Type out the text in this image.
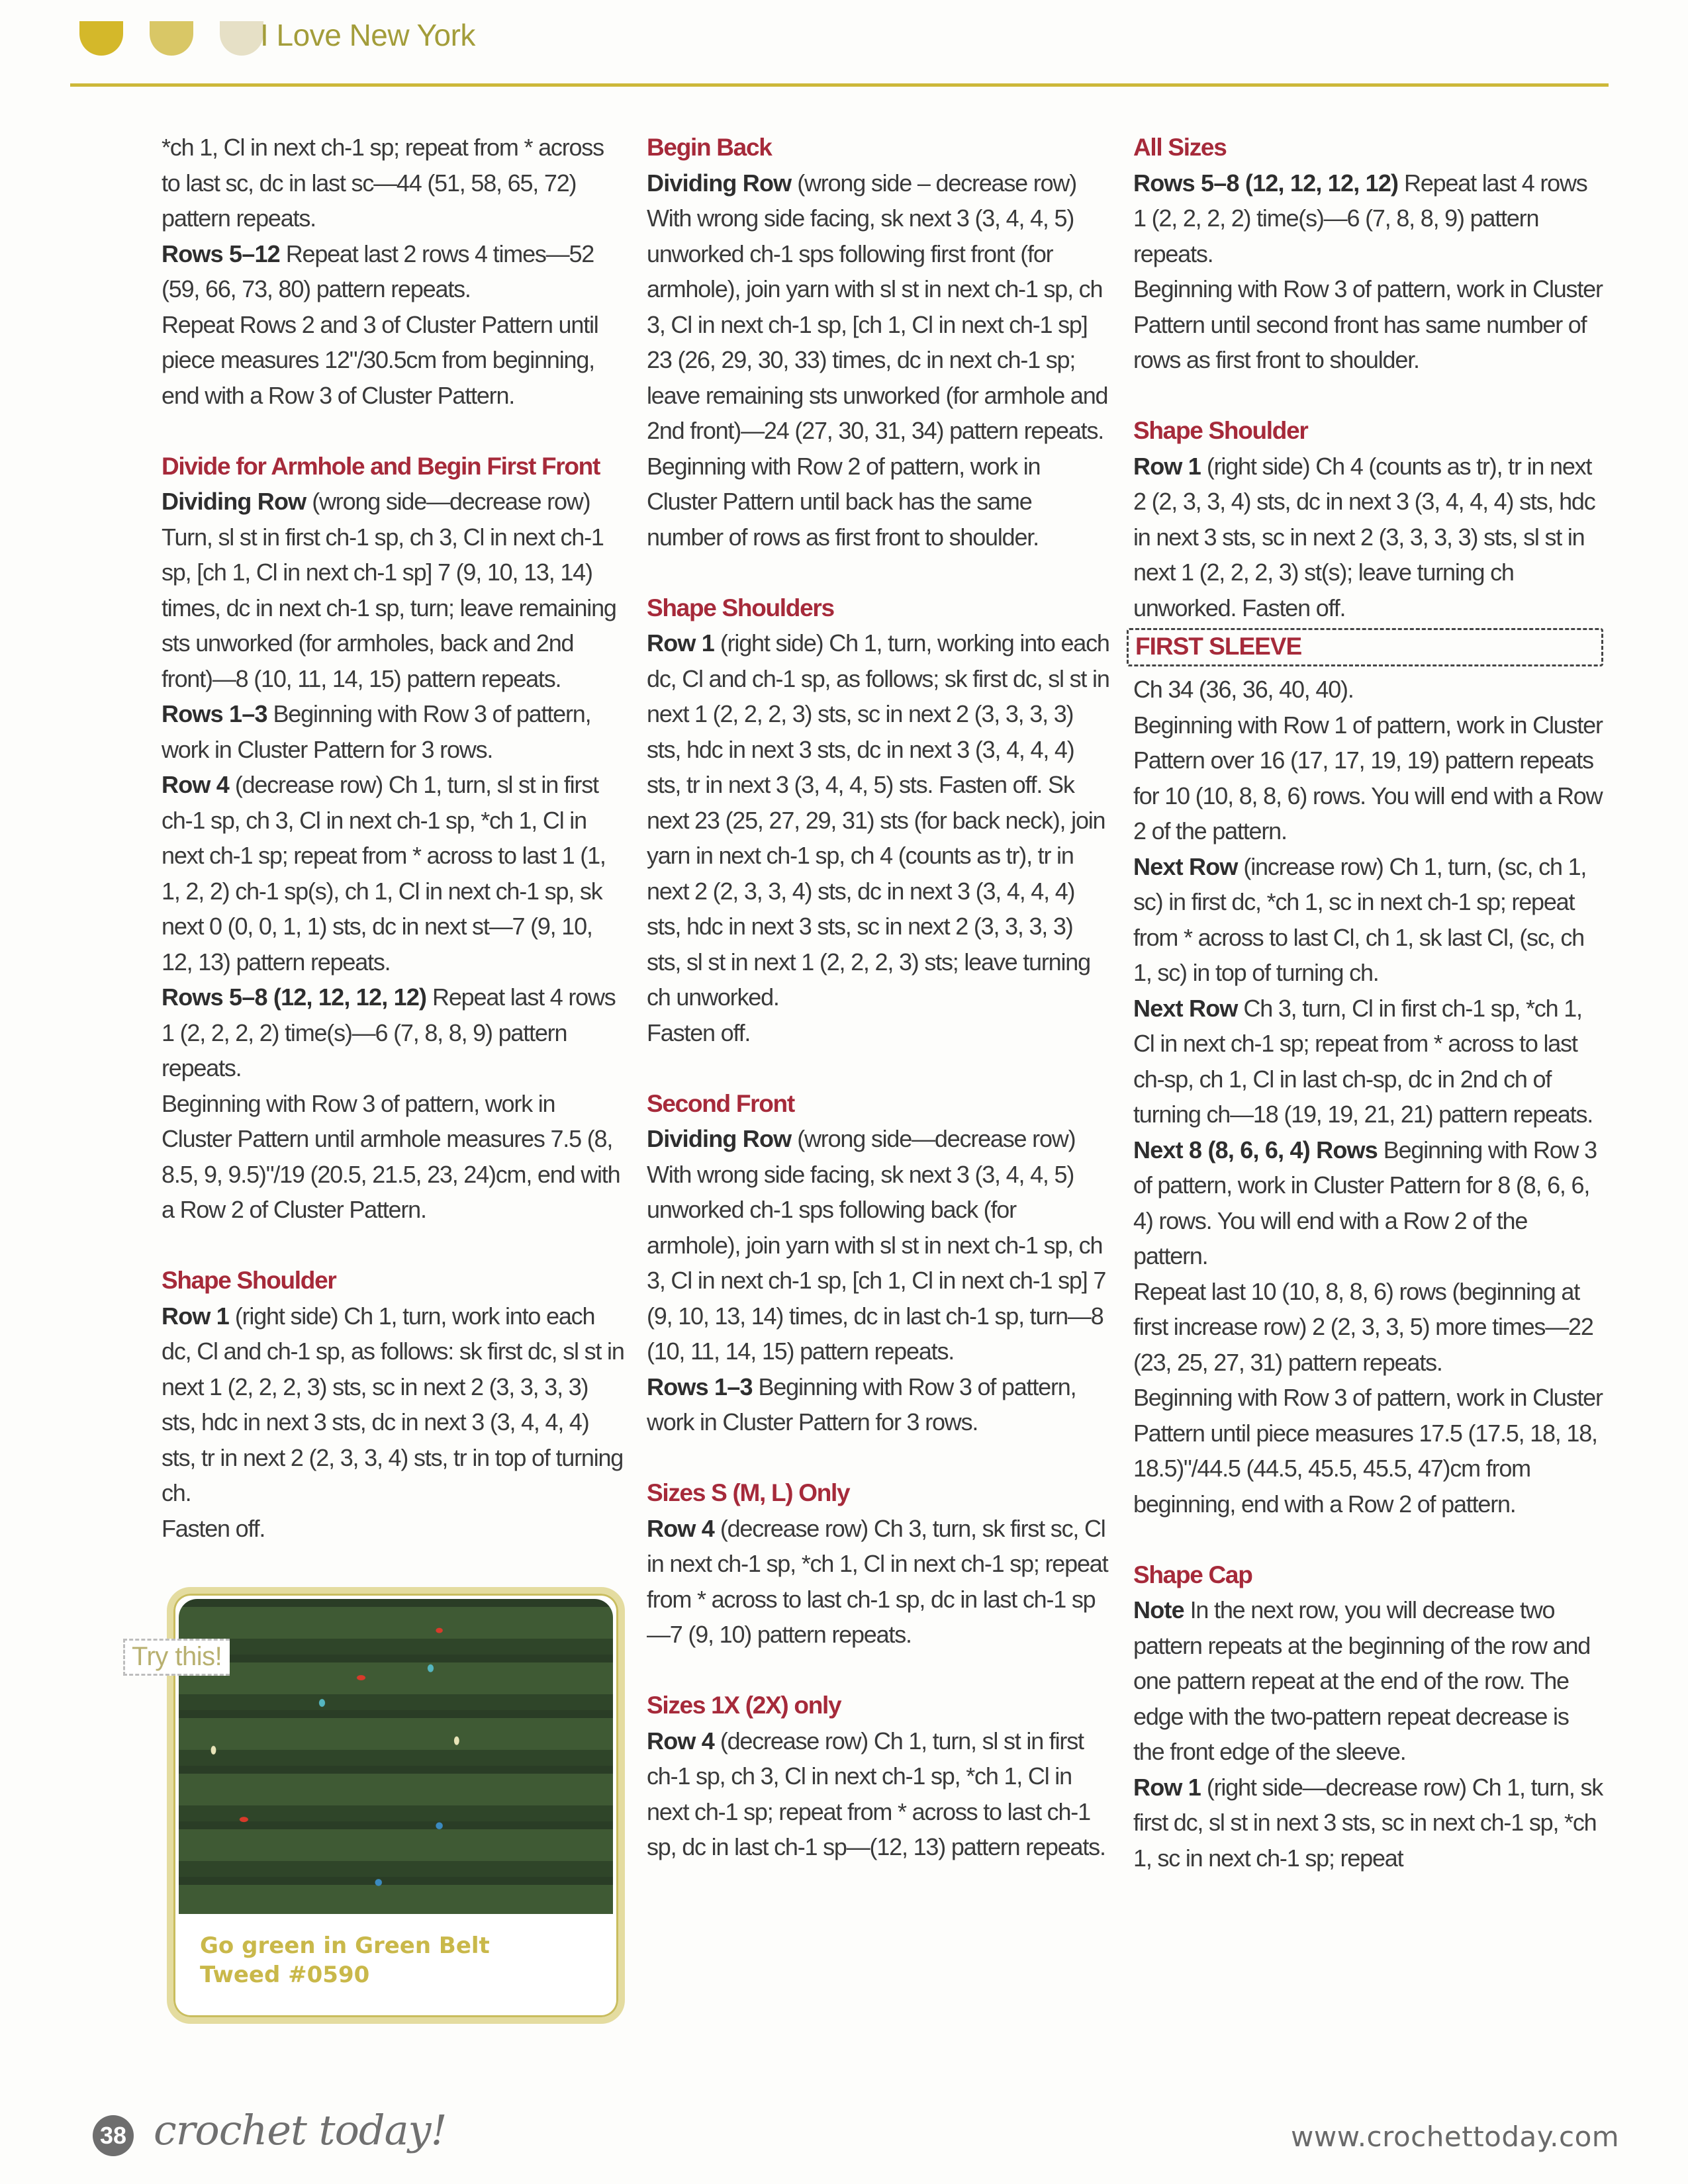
I Love New York

*ch 1, Cl in next ch-1 sp; repeat from * across to last sc, dc in last sc—44 (51, 58, 65, 72) pattern repeats.

Rows 5–12 Repeat last 2 rows 4 times—52 (59, 66, 73, 80) pattern repeats.

Repeat Rows 2 and 3 of Cluster Pattern until piece measures 12"/30.5cm from beginning, end with a Row 3 of Cluster Pattern.

Divide for Armhole and Begin First Front

Dividing Row (wrong side—decrease row) Turn, sl st in first ch-1 sp, ch 3, Cl in next ch-1 sp, [ch 1, Cl in next ch-1 sp] 7 (9, 10, 13, 14) times, dc in next ch-1 sp, turn; leave remaining sts unworked (for armholes, back and 2nd front)—8 (10, 11, 14, 15) pattern repeats.

Rows 1–3 Beginning with Row 3 of pattern, work in Cluster Pattern for 3 rows.

Row 4 (decrease row) Ch 1, turn, sl st in first ch-1 sp, ch 3, Cl in next ch-1 sp, *ch 1, Cl in next ch-1 sp; repeat from * across to last 1 (1, 1, 2, 2) ch-1 sp(s), ch 1, Cl in next ch-1 sp, sk next 0 (0, 0, 1, 1) sts, dc in next st—7 (9, 10, 12, 13) pattern repeats.

Rows 5–8 (12, 12, 12, 12) Repeat last 4 rows 1 (2, 2, 2, 2) time(s)—6 (7, 8, 8, 9) pattern repeats.

Beginning with Row 3 of pattern, work in Cluster Pattern until armhole measures 7.5 (8, 8.5, 9, 9.5)"/19 (20.5, 21.5, 23, 24)cm, end with a Row 2 of Cluster Pattern.

Shape Shoulder

Row 1 (right side) Ch 1, turn, work into each dc, Cl and ch-1 sp, as follows: sk first dc, sl st in next 1 (2, 2, 2, 3) sts, sc in next 2 (3, 3, 3, 3) sts, hdc in next 3 sts, dc in next 3 (3, 4, 4, 4) sts, tr in next 2 (2, 3, 3, 4) sts, tr in top of turning ch.

Fasten off.

Go green in Green Belt
Tweed #0590
Try this!
Begin Back

Dividing Row (wrong side – decrease row) With wrong side facing, sk next 3 (3, 4, 4, 5) unworked ch-1 sps following first front (for armhole), join yarn with sl st in next ch-1 sp, ch 3, Cl in next ch-1 sp, [ch 1, Cl in next ch-1 sp] 23 (26, 29, 30, 33) times, dc in next ch-1 sp; leave remaining sts unworked (for armhole and 2nd front)—24 (27, 30, 31, 34) pattern repeats.

Beginning with Row 2 of pattern, work in Cluster Pattern until back has the same number of rows as first front to shoulder.

Shape Shoulders

Row 1 (right side) Ch 1, turn, working into each dc, Cl and ch-1 sp, as follows; sk first dc, sl st in next 1 (2, 2, 2, 3) sts, sc in next 2 (3, 3, 3, 3) sts, hdc in next 3 sts, dc in next 3 (3, 4, 4, 4) sts, tr in next 3 (3, 4, 4, 5) sts. Fasten off. Sk next 23 (25, 27, 29, 31) sts (for back neck), join yarn in next ch-1 sp, ch 4 (counts as tr), tr in next 2 (2, 3, 3, 4) sts, dc in next 3 (3, 4, 4, 4) sts, hdc in next 3 sts, sc in next 2 (3, 3, 3, 3) sts, sl st in next 1 (2, 2, 2, 3) sts; leave turning ch unworked.

Fasten off.

Second Front

Dividing Row (wrong side—decrease row) With wrong side facing, sk next 3 (3, 4, 4, 5) unworked ch-1 sps following back (for armhole), join yarn with sl st in next ch-1 sp, ch 3, Cl in next ch-1 sp, [ch 1, Cl in next ch-1 sp] 7 (9, 10, 13, 14) times, dc in last ch-1 sp, turn—8 (10, 11, 14, 15) pattern repeats.

Rows 1–3 Beginning with Row 3 of pattern, work in Cluster Pattern for 3 rows.

Sizes S (M, L) Only

Row 4 (decrease row) Ch 3, turn, sk first sc, Cl in next ch-1 sp, *ch 1, Cl in next ch-1 sp; repeat from * across to last ch-1 sp, dc in last ch-1 sp—7 (9, 10) pattern repeats.

Sizes 1X (2X) only

Row 4 (decrease row) Ch 1, turn, sl st in first ch-1 sp, ch 3, Cl in next ch-1 sp, *ch 1, Cl in next ch-1 sp; repeat from * across to last ch-1 sp, dc in last ch-1 sp—(12, 13) pattern repeats.

All Sizes

Rows 5–8 (12, 12, 12, 12) Repeat last 4 rows 1 (2, 2, 2, 2) time(s)—6 (7, 8, 8, 9) pattern repeats.

Beginning with Row 3 of pattern, work in Cluster Pattern until second front has same number of rows as first front to shoulder.

Shape Shoulder

Row 1 (right side) Ch 4 (counts as tr), tr in next 2 (2, 3, 3, 4) sts, dc in next 3 (3, 4, 4, 4) sts, hdc in next 3 sts, sc in next 2 (3, 3, 3, 3) sts, sl st in next 1 (2, 2, 2, 3) st(s); leave turning ch unworked. Fasten off.

FIRST SLEEVE

Ch 34 (36, 36, 40, 40).

Beginning with Row 1 of pattern, work in Cluster Pattern over 16 (17, 17, 19, 19) pattern repeats for 10 (10, 8, 8, 6) rows. You will end with a Row 2 of the pattern.

Next Row (increase row) Ch 1, turn, (sc, ch 1, sc) in first dc, *ch 1, sc in next ch-1 sp; repeat from * across to last Cl, ch 1, sk last Cl, (sc, ch 1, sc) in top of turning ch.

Next Row Ch 3, turn, Cl in first ch-1 sp, *ch 1, Cl in next ch-1 sp; repeat from * across to last ch-sp, ch 1, Cl in last ch-sp, dc in 2nd ch of turning ch—18 (19, 19, 21, 21) pattern repeats.

Next 8 (8, 6, 6, 4) Rows Beginning with Row 3 of pattern, work in Cluster Pattern for 8 (8, 6, 6, 4) rows. You will end with a Row 2 of the pattern.

Repeat last 10 (10, 8, 8, 6) rows (beginning at first increase row) 2 (2, 3, 3, 5) more times—22 (23, 25, 27, 31) pattern repeats.

Beginning with Row 3 of pattern, work in Cluster Pattern until piece measures 17.5 (17.5, 18, 18, 18.5)"/44.5 (44.5, 45.5, 45.5, 47)cm from beginning, end with a Row 2 of pattern.

Shape Cap

Note In the next row, you will decrease two pattern repeats at the beginning of the row and one pattern repeat at the end of the row. The edge with the two-pattern repeat decrease is the front edge of the sleeve.

Row 1 (right side—decrease row) Ch 1, turn, sk first dc, sl st in next 3 sts, sc in next ch-1 sp, *ch 1, sc in next ch-1 sp; repeat

38 crochet today!	www.crochettoday.com
